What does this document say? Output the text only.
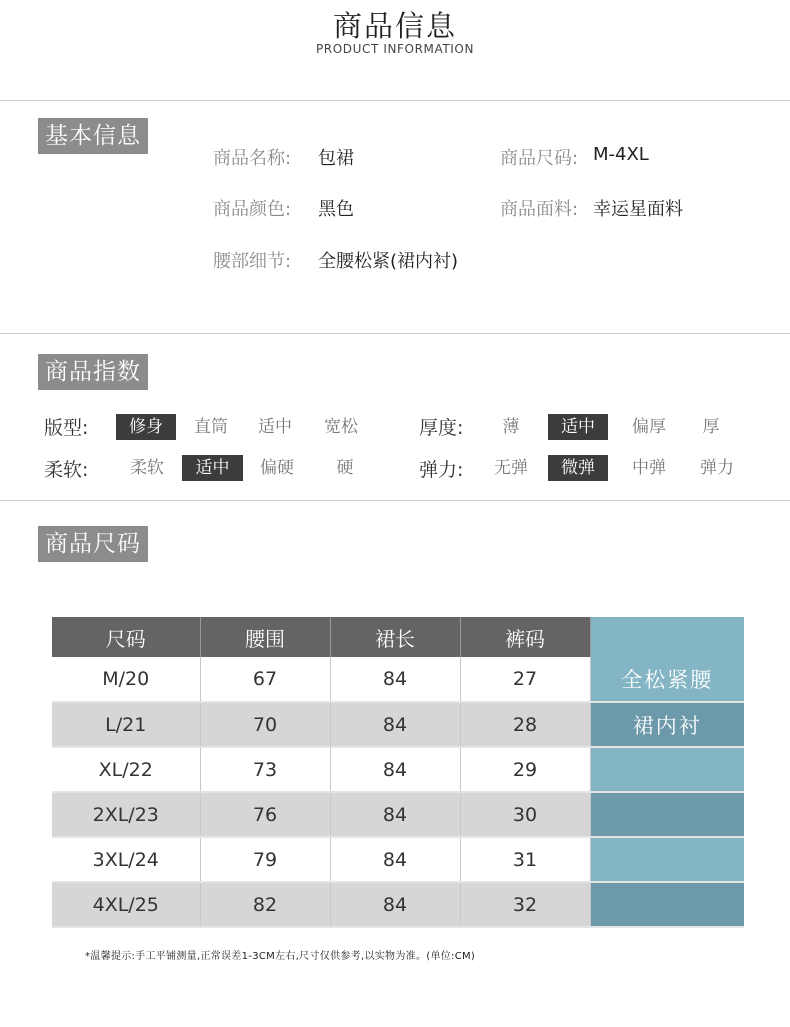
商品信息
PRODUCT INFORMATION
基本信息
商品名称: 包裙	商品尺码: M-4XL
商品颜色: 黑色	商品面料: 幸运星面料
腰部细节: 全腰松紧(裙内衬)
商品指数
版型:	修身	直筒	适中	宽松	厚度:	薄	适中	偏厚	厚
柔软:	柔软	适中	偏硬	硬	弹力:	无弹	微弹	中弹	弹力
商品尺码
尺码	腰围	裙长	裤码	
M/20	67	84	27	全松紧腰
L/21	70	84	28	裙内衬
XL/22	73	84	29	
2XL/23	76	84	30	
3XL/24	79	84	31	
4XL/25	82	84	32	
*温馨提示:手工平铺测量,正常误差1-3CM左右,尺寸仅供参考,以实物为准。(单位:CM)
